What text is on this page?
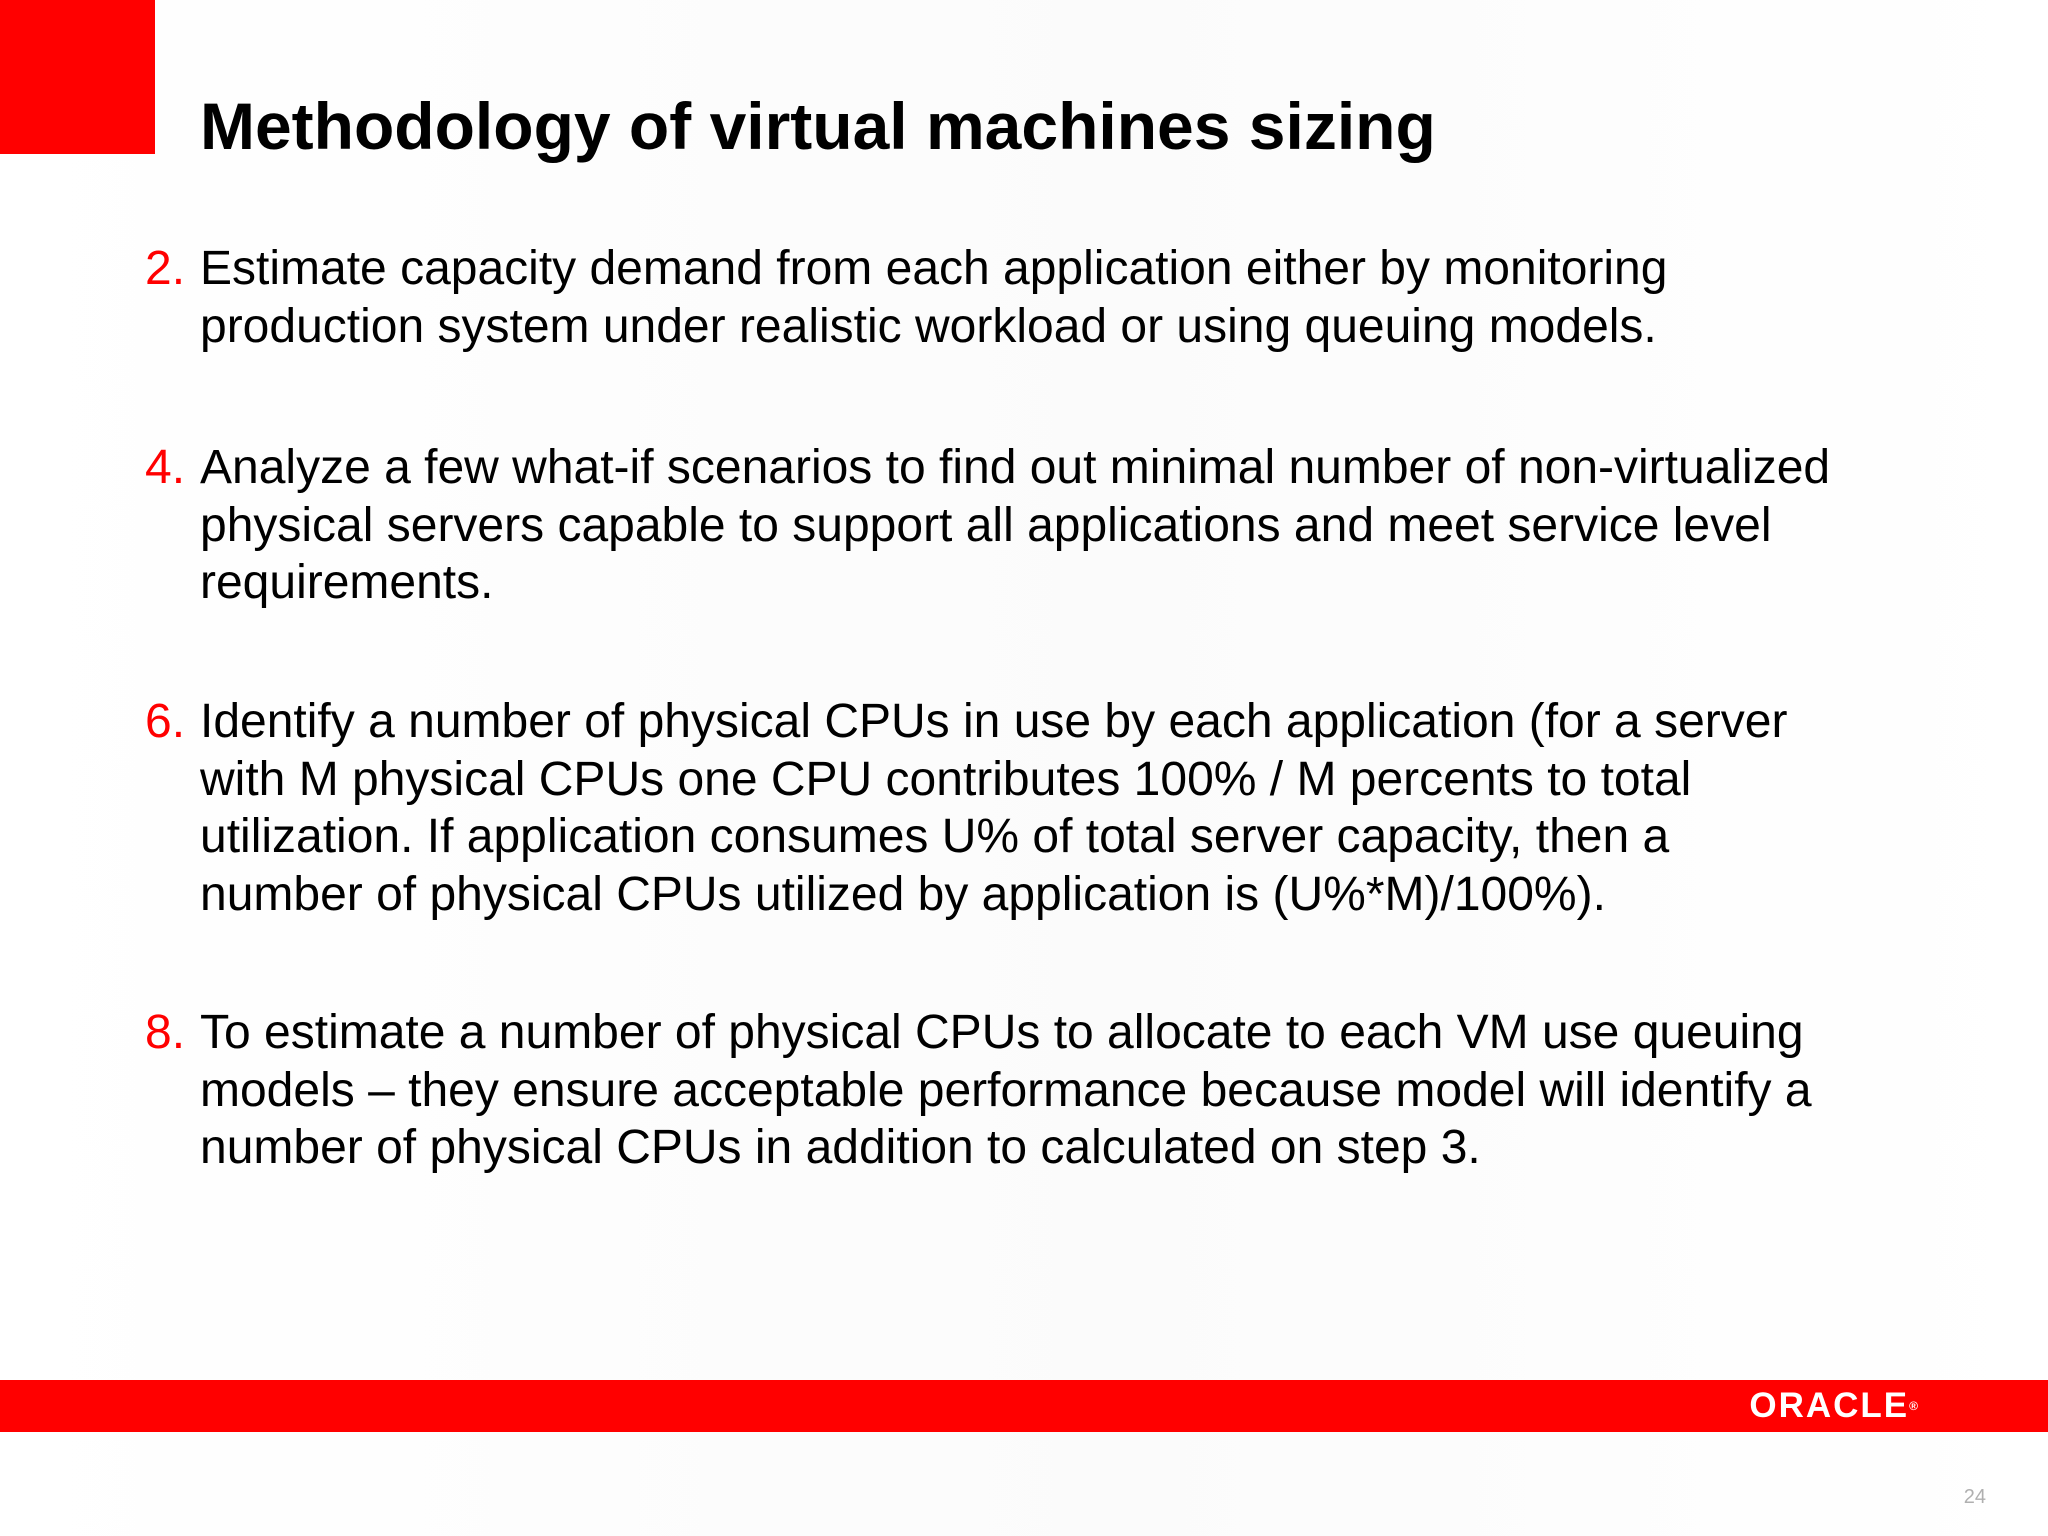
Methodology of virtual machines sizing
2. Estimate capacity demand from each application either by monitoring
production system under realistic workload or using queuing models.
4. Analyze a few what-if scenarios to find out minimal number of non-virtualized
physical servers capable to support all applications and meet service level
requirements.
6. Identify a number of physical CPUs in use by each application (for a server
with M physical CPUs one CPU contributes 100% / M percents to total
utilization. If application consumes U% of total server capacity, then a
number of physical CPUs utilized by application is (U%*M)/100%).
8. To estimate a number of physical CPUs to allocate to each VM use queuing
models – they ensure acceptable performance because model will identify a
number of physical CPUs in addition to calculated on step 3.
ORACLE®
24
